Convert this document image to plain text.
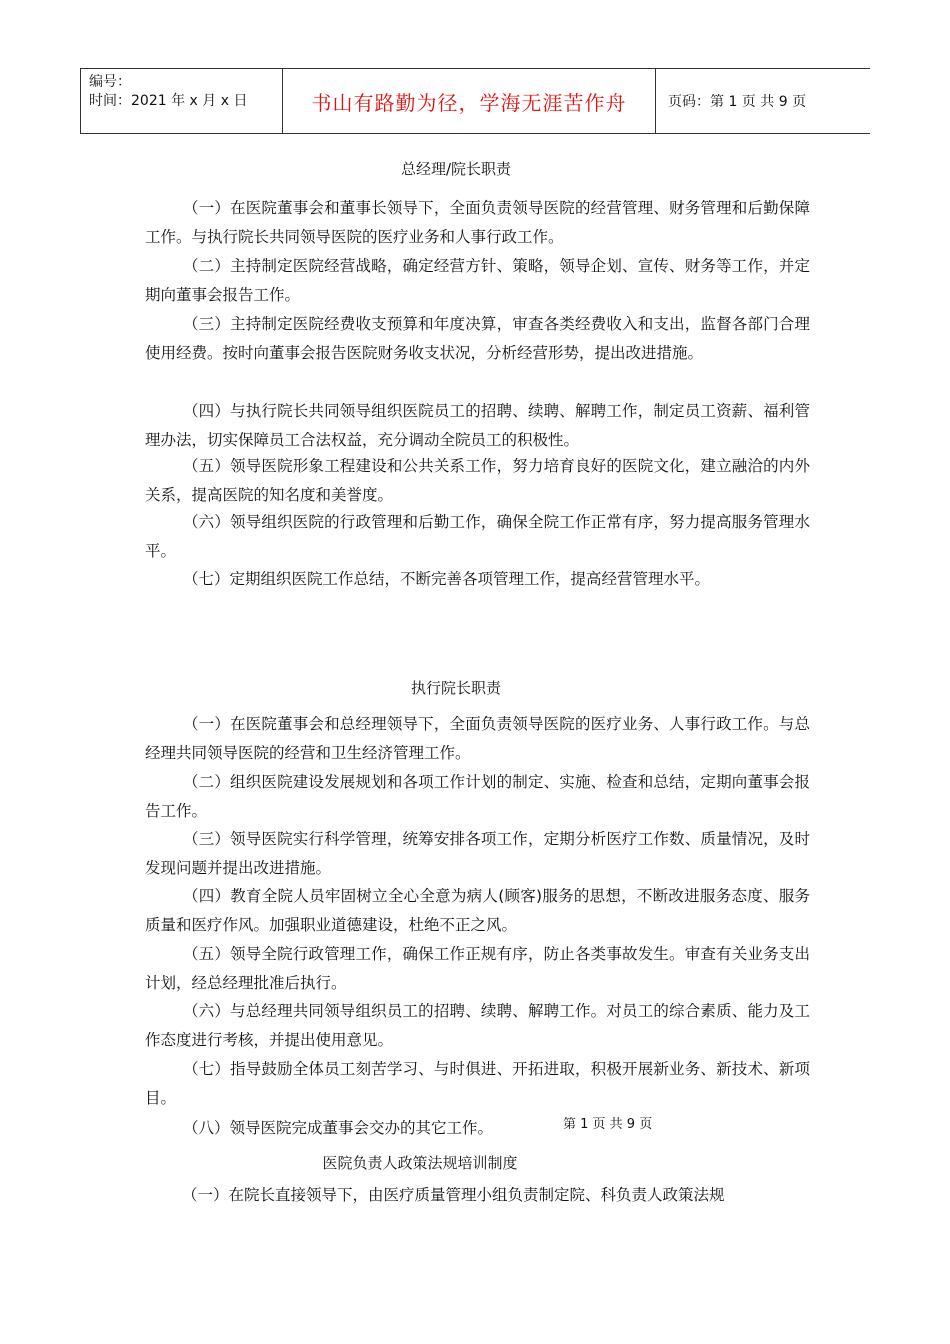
编号：
时间：2021 年 x 月 x 日	书山有路勤为径，学海无涯苦作舟	页码：第 1 页 共 9 页
总经理/院长职责

（一）在医院董事会和董事长领导下，全面负责领导医院的经营管理、财务管理和后勤保障工作。与执行院长共同领导医院的医疗业务和人事行政工作。

（二）主持制定医院经营战略，确定经营方针、策略，领导企划、宣传、财务等工作，并定期向董事会报告工作。

（三）主持制定医院经费收支预算和年度决算，审查各类经费收入和支出，监督各部门合理使用经费。按时向董事会报告医院财务收支状况，分析经营形势，提出改进措施。

（四）与执行院长共同领导组织医院员工的招聘、续聘、解聘工作，制定员工资薪、福利管理办法，切实保障员工合法权益，充分调动全院员工的积极性。

（五）领导医院形象工程建设和公共关系工作，努力培育良好的医院文化，建立融洽的内外关系，提高医院的知名度和美誉度。

（六）领导组织医院的行政管理和后勤工作，确保全院工作正常有序，努力提高服务管理水平。

（七）定期组织医院工作总结，不断完善各项管理工作，提高经营管理水平。

执行院长职责

（一）在医院董事会和总经理领导下，全面负责领导医院的医疗业务、人事行政工作。与总经理共同领导医院的经营和卫生经济管理工作。

（二）组织医院建设发展规划和各项工作计划的制定、实施、检查和总结，定期向董事会报告工作。

（三）领导医院实行科学管理，统筹安排各项工作，定期分析医疗工作数、质量情况，及时发现问题并提出改进措施。

（四）教育全院人员牢固树立全心全意为病人(顾客)服务的思想，不断改进服务态度、服务质量和医疗作风。加强职业道德建设，杜绝不正之风。

（五）领导全院行政管理工作，确保工作正规有序，防止各类事故发生。审查有关业务支出计划，经总经理批准后执行。

（六）与总经理共同领导组织员工的招聘、续聘、解聘工作。对员工的综合素质、能力及工作态度进行考核，并提出使用意见。

（七）指导鼓励全体员工刻苦学习、与时俱进、开拓进取，积极开展新业务、新技术、新项目。

（八）领导医院完成董事会交办的其它工作。	第 1 页 共 9 页
医院负责人政策法规培训制度

（一）在院长直接领导下，由医疗质量管理小组负责制定院、科负责人政策法规
